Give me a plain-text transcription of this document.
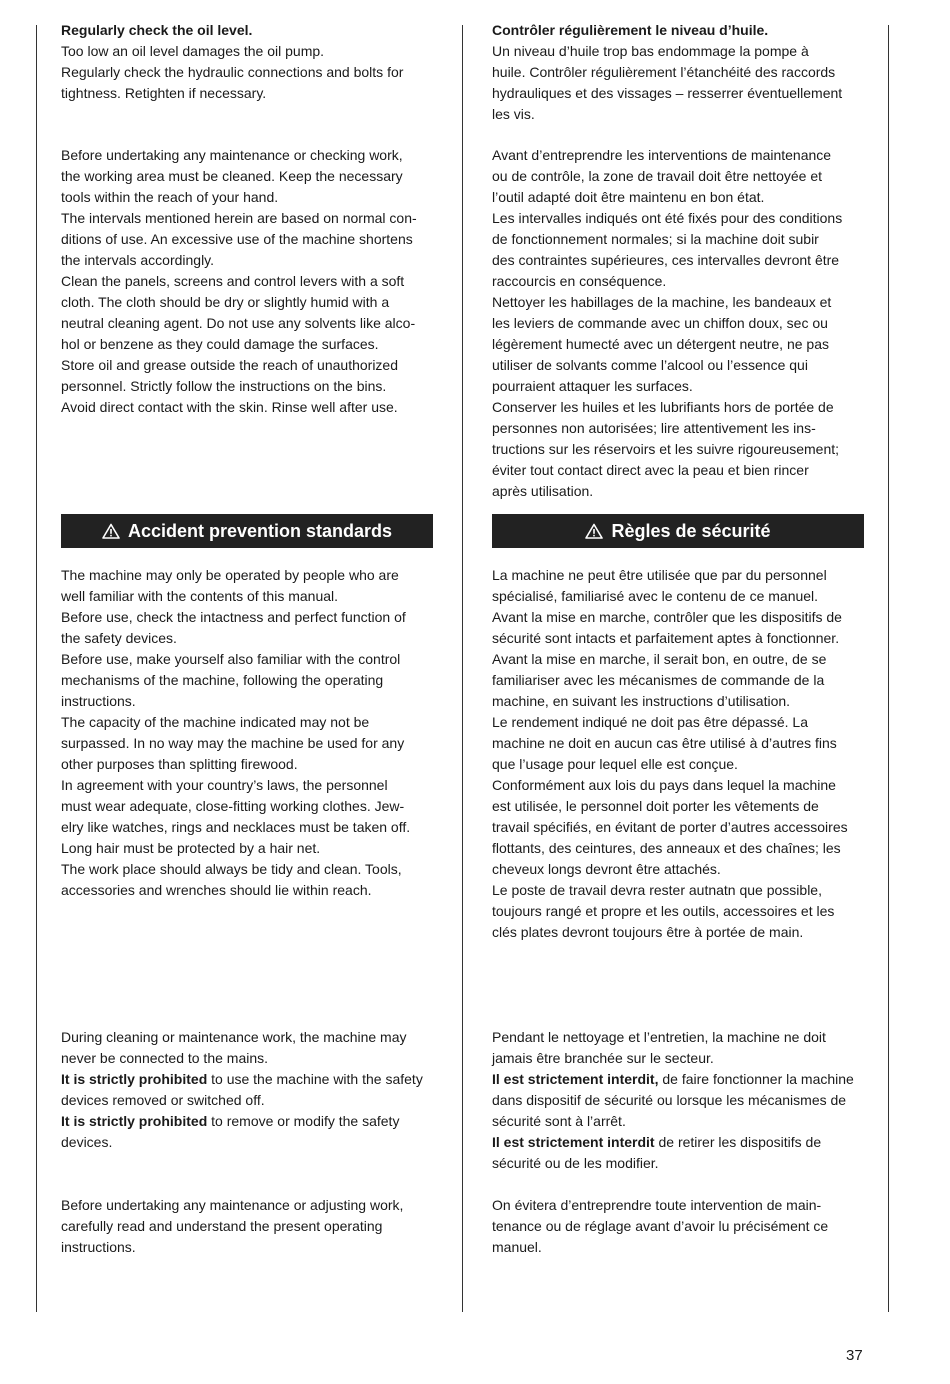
Regularly check the oil level.
Too low an oil level damages the oil pump.
Regularly check the hydraulic connections and bolts for
tightness. Retighten if necessary.
Before undertaking any maintenance or checking work,
the working area must be cleaned. Keep the necessary
tools within the reach of your hand.
The intervals mentioned herein are based on normal con-
ditions of use. An excessive use of the machine shortens
the intervals accordingly.
Clean the panels, screens and control levers with a soft
cloth. The cloth should be dry or slightly humid with a
neutral cleaning agent. Do not use any solvents like alco-
hol or benzene as they could damage the surfaces.
Store oil and grease outside the reach of unauthorized
personnel. Strictly follow the instructions on the bins.
Avoid direct contact with the skin. Rinse well after use.
Accident prevention standards
The machine may only be operated by people who are
well familiar with the contents of this manual.
Before use, check the intactness and perfect function of
the safety devices.
Before use, make yourself also familiar with the control
mechanisms of the machine, following the operating
instructions.
The capacity of the machine indicated may not be
surpassed. In no way may the machine be used for any
other purposes than splitting firewood.
In agreement with your country’s laws, the personnel
must wear adequate, close-fitting working clothes. Jew-
elry like watches, rings and necklaces must be taken off.
Long hair must be protected by a hair net.
The work place should always be tidy and clean. Tools,
accessories and wrenches should lie within reach.
During cleaning or maintenance work, the machine may
never be connected to the mains.
It is strictly prohibited to use the machine with the safety
devices removed or switched off.
It is strictly prohibited to remove or modify the safety
devices.
Before undertaking any maintenance or adjusting work,
carefully read and understand the present operating
instructions.
Contrôler régulièrement le niveau d’huile.
Un niveau d’huile trop bas endommage la pompe à
huile. Contrôler régulièrement l’étanchéité des raccords
hydrauliques et des vissages – resserrer éventuellement
les vis.
Avant d’entreprendre les interventions de maintenance
ou de contrôle, la zone de travail doit être nettoyée et
l’outil adapté doit être maintenu en bon état.
Les intervalles indiqués ont été fixés pour des conditions
de fonctionnement normales; si la machine doit subir
des contraintes supérieures, ces intervalles devront être
raccourcis en conséquence.
Nettoyer les habillages de la machine, les bandeaux et
les leviers de commande avec un chiffon doux, sec ou
légèrement humecté avec un détergent neutre, ne pas
utiliser de solvants comme l’alcool ou l’essence qui
pourraient attaquer les surfaces.
Conserver les huiles et les lubrifiants hors de portée de
personnes non autorisées; lire attentivement les ins-
tructions sur les réservoirs et les suivre rigoureusement;
éviter tout contact direct avec la peau et bien rincer
après utilisation.
Règles de sécurité
La machine ne peut être utilisée que par du personnel
spécialisé, familiarisé avec le contenu de ce manuel.
Avant la mise en marche, contrôler que les dispositifs de
sécurité sont intacts et parfaitement aptes à fonctionner.
Avant la mise en marche, il serait bon, en outre, de se
familiariser avec les mécanismes de commande de la
machine, en suivant les instructions d’utilisation.
Le rendement indiqué ne doit pas être dépassé. La
machine ne doit en aucun cas être utilisé à d’autres fins
que l’usage pour lequel elle est conçue.
Conformément aux lois du pays dans lequel la machine
est utilisée, le personnel doit porter les vêtements de
travail spécifiés, en évitant de porter d’autres accessoires
flottants, des ceintures, des anneaux et des chaînes; les
cheveux longs devront être attachés.
Le poste de travail devra rester autnatn que possible,
toujours rangé et propre et les outils, accessoires et les
clés plates devront toujours être à portée de main.
Pendant le nettoyage et l’entretien, la machine ne doit
jamais être branchée sur le secteur.
Il est strictement interdit, de faire fonctionner la machine
dans dispositif de sécurité ou lorsque les mécanismes de
sécurité sont à l’arrêt.
Il est strictement interdit de retirer les dispositifs de
sécurité ou de les modifier.
On évitera d’entreprendre toute intervention de main-
tenance ou de réglage avant d’avoir lu précisément ce
manuel.
37
